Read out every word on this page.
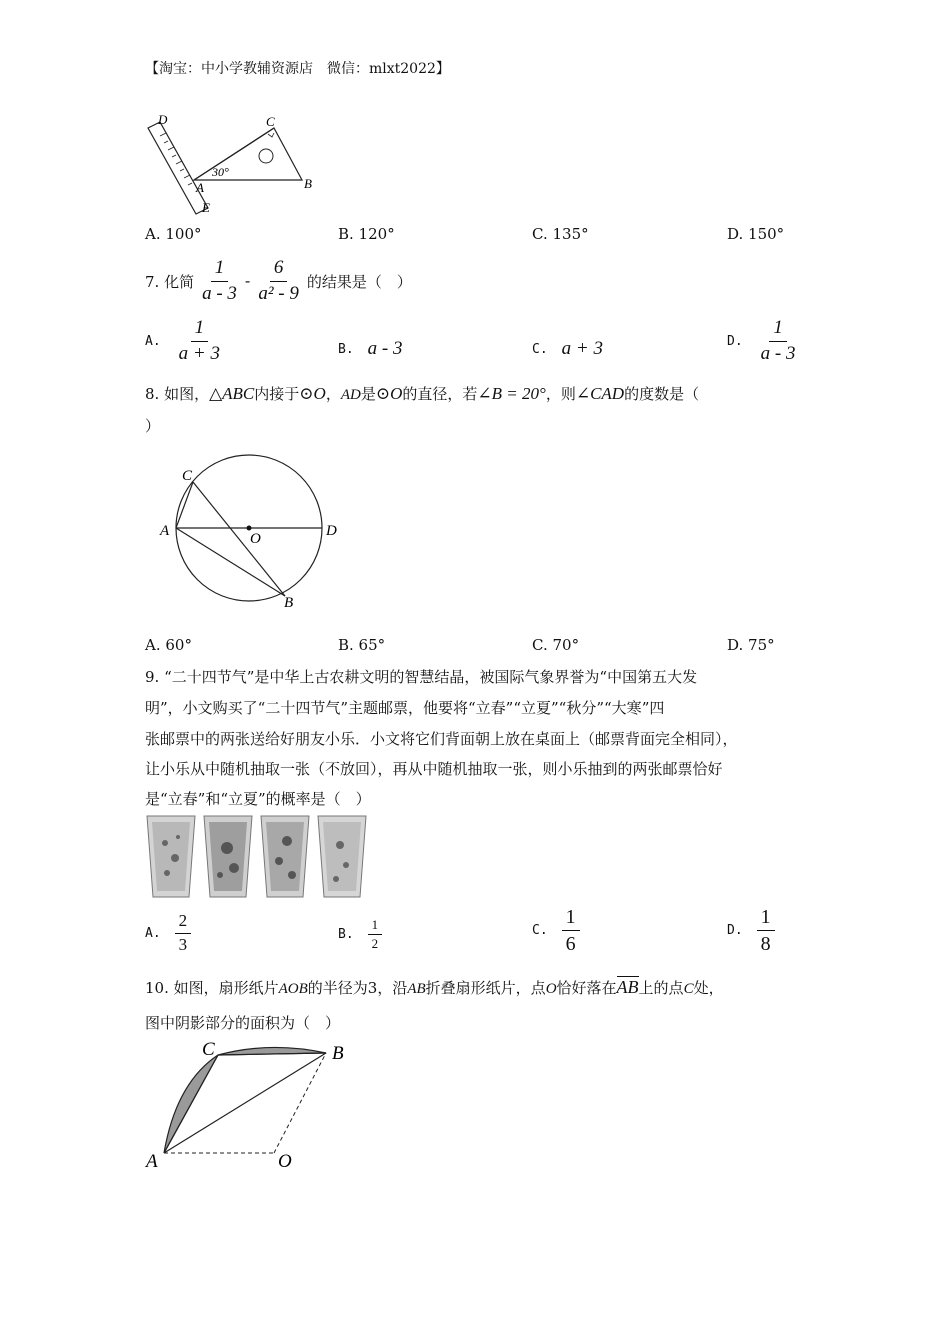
【淘宝：中小学教辅资源店　微信：mlxt2022】
D	C
A	B
E
30°
A. 100°	B. 120°	C. 135°	D. 150°
7. 化简 $\frac{1}{a - 3} - \frac{6}{\text{a² - 9}}$ 的结果是（　）
A. $\frac{1}{a + 3}$	B. a - 3	C. a + 3	D. $\frac{1}{a - 3}$
8. 如图，△ABC内接于⊙O，AD是⊙O的直径，若∠B = 20°，则∠CAD的度数是（
）
C
A	O	D
B
A. 60°	B. 65°	C. 70°	D. 75°
9. “二十四节气”是中华上古农耕文明的智慧结晶，被国际气象界誉为“中国第五大发
明”，小文购买了“二十四节气”主题邮票，他要将“立春”“立夏”“秋分”“大寒”四
张邮票中的两张送给好朋友小乐．小文将它们背面朝上放在桌面上（邮票背面完全相同），
让小乐从中随机抽取一张（不放回），再从中随机抽取一张，则小乐抽到的两张邮票恰好
是“立春”和“立夏”的概率是（　）
A. $\frac{2}{3}$	B. $\frac{1}{2}$	C. $\frac{1}{6}$	D. $\frac{1}{8}$
10. 如图，扇形纸片AOB的半径为3，沿AB折叠扇形纸片，点O恰好落在AB上的点C处，
图中阴影部分的面积为（　）
C	B
A	O
